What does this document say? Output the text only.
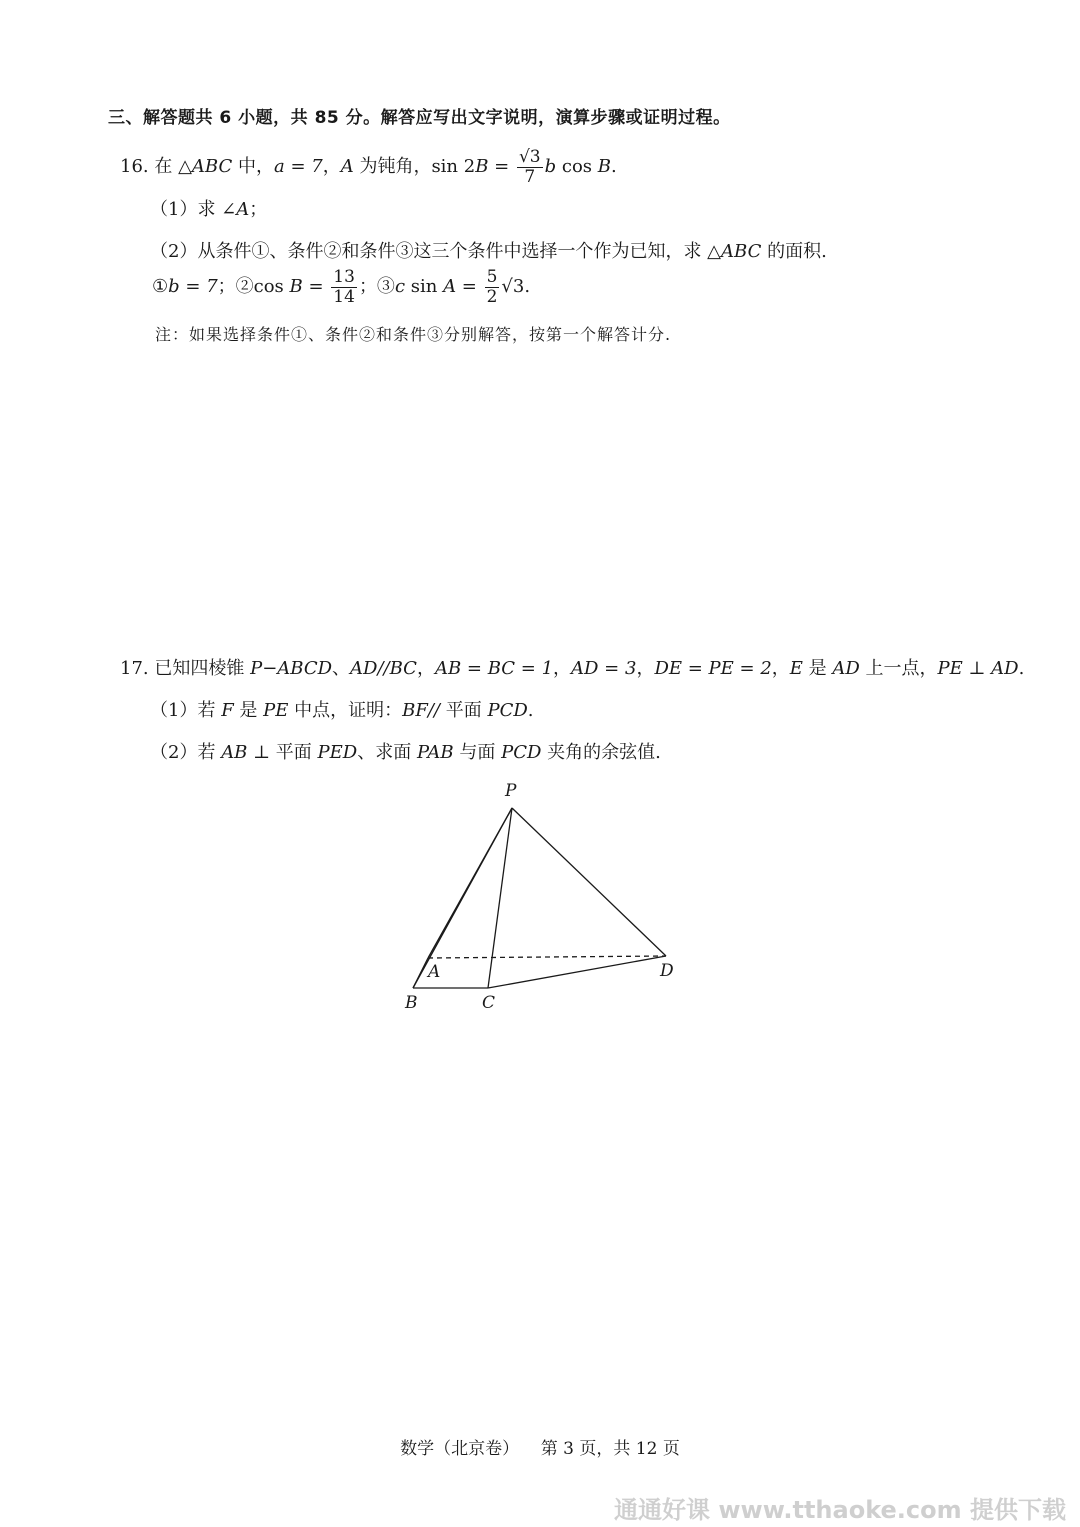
三、解答题共 6 小题，共 85 分。解答应写出文字说明，演算步骤或证明过程。
16. 在 △ABC 中，a = 7，A 为钝角，$\sin 2B = \frac{√3}{7}$ b cos B.
（1）求 ∠A；
（2）从条件①、条件②和条件③这三个条件中选择一个作为已知，求 △ABC 的面积.
①b = 7；②cos $B = \frac{13}{14}$ ；③c $\sin A = \frac{5}{2} √3$.
注：如果选择条件①、条件②和条件③分别解答，按第一个解答计分.
17. 已知四棱锥 P−ABCD、AD//BC，AB = BC = 1，AD = 3，DE = PE = 2，E 是 AD 上一点，PE ⊥ AD.
（1）若 F 是 PE 中点，证明：BF// 平面 PCD.
（2）若 AB ⊥ 平面 PED、求面 PAB 与面 PCD 夹角的余弦值.
P
A
B	C
D
数学（北京卷）    第 3 页，共 12 页
通通好课 www.tthaoke.com 提供下载
